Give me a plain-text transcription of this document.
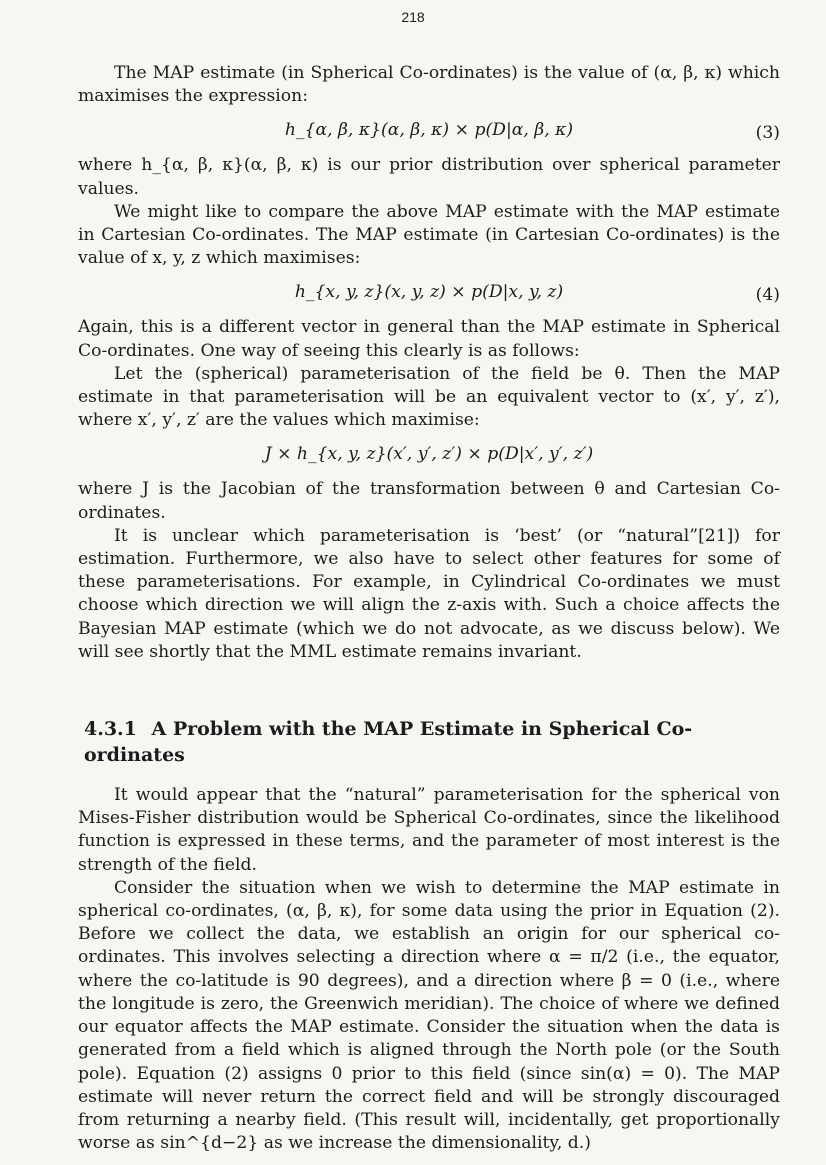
218

The MAP estimate (in Spherical Co-ordinates) is the value of (α, β, κ) which maximises the expression:

h_{α, β, κ}(α, β, κ) × p(D|α, β, κ)	(3)

where h_{α, β, κ}(α, β, κ) is our prior distribution over spherical parameter values.

We might like to compare the above MAP estimate with the MAP estimate in Cartesian Co-ordinates. The MAP estimate (in Cartesian Co-ordinates) is the value of x, y, z which maximises:

h_{x, y, z}(x, y, z) × p(D|x, y, z)	(4)

Again, this is a different vector in general than the MAP estimate in Spherical Co-ordinates. One way of seeing this clearly is as follows:

Let the (spherical) parameterisation of the field be θ. Then the MAP estimate in that parameterisation will be an equivalent vector to (x′, y′, z′), where x′, y′, z′ are the values which maximise:

J × h_{x, y, z}(x′, y′, z′) × p(D|x′, y′, z′)

where J is the Jacobian of the transformation between θ and Cartesian Co-ordinates.

It is unclear which parameterisation is ‘best’ (or “natural”[21]) for estimation. Furthermore, we also have to select other features for some of these parameterisations. For example, in Cylindrical Co-ordinates we must choose which direction we will align the z-axis with. Such a choice affects the Bayesian MAP estimate (which we do not advocate, as we discuss below). We will see shortly that the MML estimate remains invariant.

4.3.1 A Problem with the MAP Estimate in Spherical Co-ordinates

It would appear that the “natural” parameterisation for the spherical von Mises-Fisher distribution would be Spherical Co-ordinates, since the likelihood function is expressed in these terms, and the parameter of most interest is the strength of the field.

Consider the situation when we wish to determine the MAP estimate in spherical co-ordinates, (α, β, κ), for some data using the prior in Equation (2). Before we collect the data, we establish an origin for our spherical co-ordinates. This involves selecting a direction where α = π/2 (i.e., the equator, where the co-latitude is 90 degrees), and a direction where β = 0 (i.e., where the longitude is zero, the Greenwich meridian). The choice of where we defined our equator affects the MAP estimate. Consider the situation when the data is generated from a field which is aligned through the North pole (or the South pole). Equation (2) assigns 0 prior to this field (since sin(α) = 0). The MAP estimate will never return the correct field and will be strongly discouraged from returning a nearby field. (This result will, incidentally, get proportionally worse as sin^{d−2} as we increase the dimensionality, d.)
